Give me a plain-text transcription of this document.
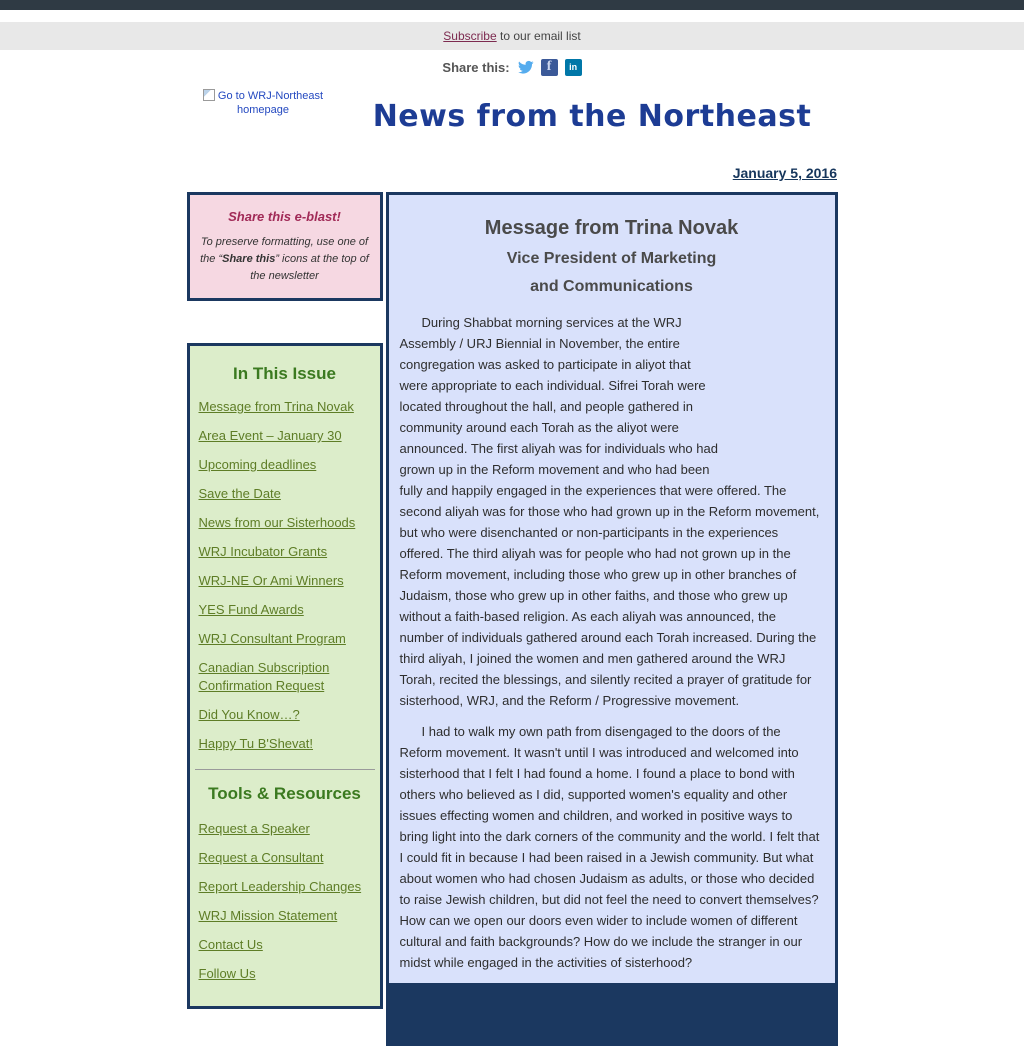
Subscribe to our email list
Share this:	f	in
Go to WRJ-Northeast homepage	News from the Northeast
January 5, 2016
Share this e-blast!

To preserve formatting, use one of the “Share this” icons at the top of the newsletter

In This Issue
Message from Trina Novak
Area Event – January 30
Upcoming deadlines
Save the Date
News from our Sisterhoods
WRJ Incubator Grants
WRJ-NE Or Ami Winners
YES Fund Awards
WRJ Consultant Program
Canadian Subscription Confirmation Request
Did You Know…?
Happy Tu B'Shevat!
Tools & Resources
Request a Speaker
Request a Consultant
Report Leadership Changes
WRJ Mission Statement
Contact Us
Follow Us
Message from Trina Novak
Vice President of Marketing
and Communications

During Shabbat morning services at the WRJ Assembly / URJ Biennial in November, the entire congregation was asked to participate in aliyot that were appropriate to each individual. Sifrei Torah were located throughout the hall, and people gathered in community around each Torah as the aliyot were announced. The first aliyah was for individuals who had grown up in the Reform movement and who had been fully and happily engaged in the experiences that were offered. The second aliyah was for those who had grown up in the Reform movement, but who were disenchanted or non-participants in the experiences offered. The third aliyah was for people who had not grown up in the Reform movement, including those who grew up in other branches of Judaism, those who grew up in other faiths, and those who grew up without a faith-based religion. As each aliyah was announced, the number of individuals gathered around each Torah increased. During the third aliyah, I joined the women and men gathered around the WRJ Torah, recited the blessings, and silently recited a prayer of gratitude for sisterhood, WRJ, and the Reform / Progressive movement.

I had to walk my own path from disengaged to the doors of the Reform movement. It wasn't until I was introduced and welcomed into sisterhood that I felt I had found a home. I found a place to bond with others who believed as I did, supported women's equality and other issues effecting women and children, and worked in positive ways to bring light into the dark corners of the community and the world. I felt that I could fit in because I had been raised in a Jewish community. But what about women who had chosen Judaism as adults, or those who decided to raise Jewish children, but did not feel the need to convert themselves? How can we open our doors even wider to include women of different cultural and faith backgrounds? How do we include the stranger in our midst while engaged in the activities of sisterhood?
